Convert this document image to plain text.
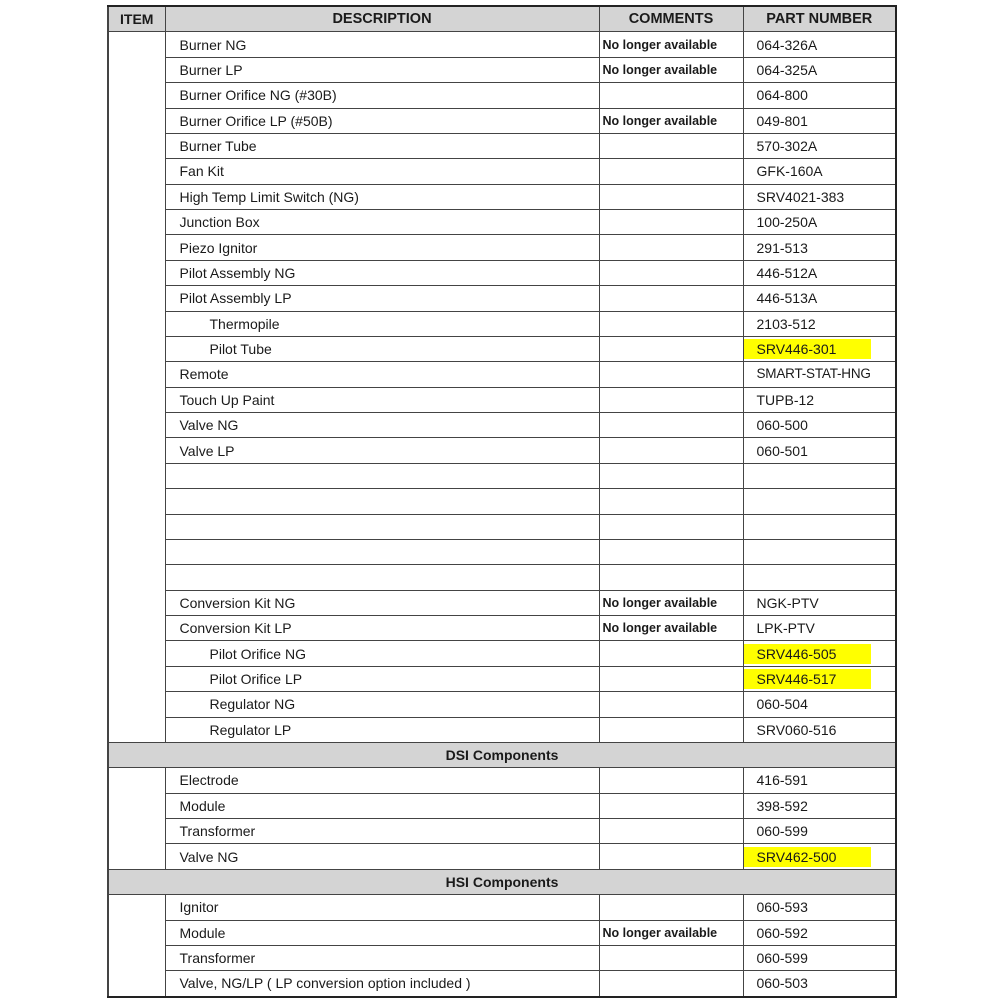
ITEM	DESCRIPTION	COMMENTS	PART NUMBER
	Burner NG	No longer available	064-326A
	Burner LP	No longer available	064-325A
	Burner Orifice NG (#30B)		064-800
	Burner Orifice LP (#50B)	No longer available	049-801
	Burner Tube		570-302A
	Fan Kit		GFK-160A
	High Temp Limit Switch (NG)		SRV4021-383
	Junction Box		100-250A
	Piezo Ignitor		291-513
	Pilot Assembly NG		446-512A
	Pilot Assembly LP		446-513A
	Thermopile		2103-512
	Pilot Tube		SRV446-301
	Remote		SMART-STAT-HNG
	Touch Up Paint		TUPB-12
	Valve NG		060-500
	Valve LP		060-501

	Conversion Kit NG	No longer available	NGK-PTV
	Conversion Kit LP	No longer available	LPK-PTV
	Pilot Orifice NG		SRV446-505
	Pilot Orifice LP		SRV446-517
	Regulator NG		060-504
	Regulator LP		SRV060-516
DSI Components			
	Electrode		416-591
	Module		398-592
	Transformer		060-599
	Valve NG		SRV462-500
HSI Components			
	Ignitor		060-593
	Module	No longer available	060-592
	Transformer		060-599
	Valve, NG/LP ( LP conversion option included )		060-503
